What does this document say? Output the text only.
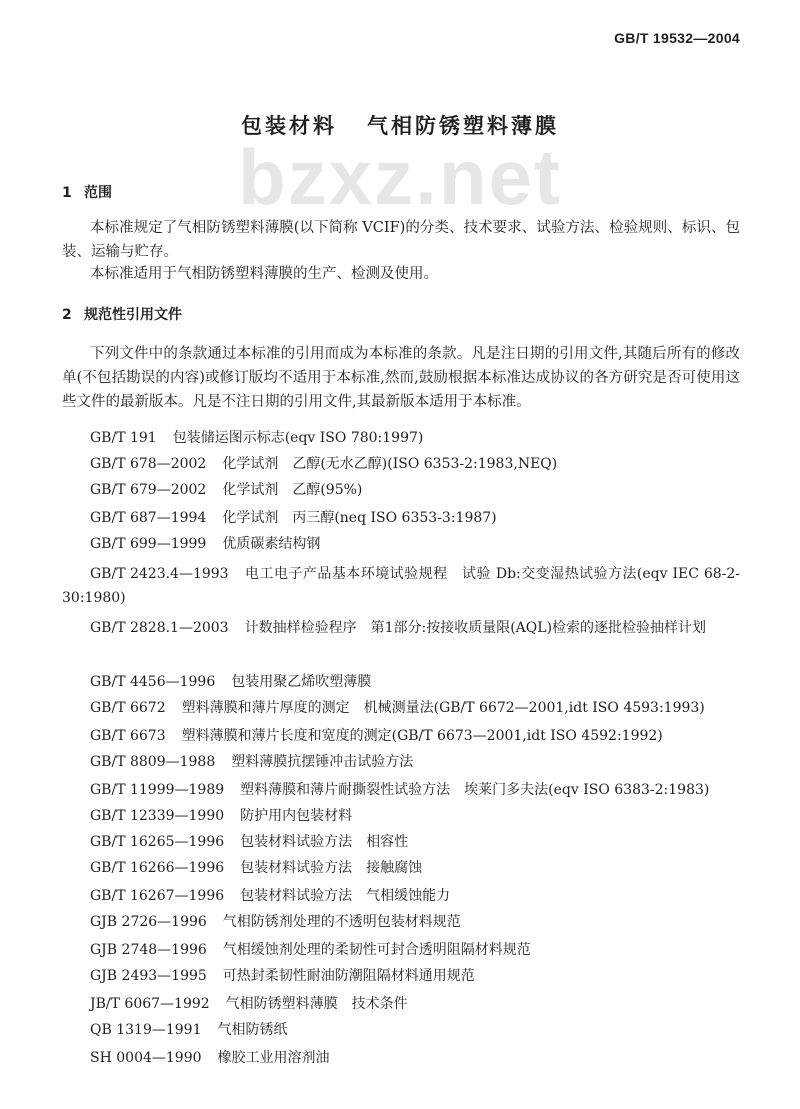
GB/T 19532—2004
bzxz.net
包装材料 气相防锈塑料薄膜
1 范围
本标准规定了气相防锈塑料薄膜(以下简称 VCIF)的分类、技术要求、试验方法、检验规则、标识、包装、运输与贮存。
本标准适用于气相防锈塑料薄膜的生产、检测及使用。
2 规范性引用文件
下列文件中的条款通过本标准的引用而成为本标准的条款。凡是注日期的引用文件,其随后所有的修改单(不包括勘误的内容)或修订版均不适用于本标准,然而,鼓励根据本标准达成协议的各方研究是否可使用这些文件的最新版本。凡是不注日期的引用文件,其最新版本适用于本标准。
GB/T 191 包装储运图示标志(eqv ISO 780:1997)
GB/T 678—2002 化学试剂　乙醇(无水乙醇)(ISO 6353-2:1983,NEQ)
GB/T 679—2002 化学试剂　乙醇(95%)
GB/T 687—1994 化学试剂　丙三醇(neq ISO 6353-3:1987)
GB/T 699—1999 优质碳素结构钢
GB/T 2423.4—1993 电工电子产品基本环境试验规程　试验 Db:交变湿热试验方法(eqv IEC 68-2-30:1980)
GB/T 2828.1—2003 计数抽样检验程序　第1部分:按接收质量限(AQL)检索的逐批检验抽样计划
GB/T 4456—1996 包装用聚乙烯吹塑薄膜
GB/T 6672 塑料薄膜和薄片厚度的测定　机械测量法(GB/T 6672—2001,idt ISO 4593:1993)
GB/T 6673 塑料薄膜和薄片长度和宽度的测定(GB/T 6673—2001,idt ISO 4592:1992)
GB/T 8809—1988 塑料薄膜抗摆锤冲击试验方法
GB/T 11999—1989 塑料薄膜和薄片耐撕裂性试验方法　埃莱门多夫法(eqv ISO 6383-2:1983)
GB/T 12339—1990 防护用内包装材料
GB/T 16265—1996 包装材料试验方法　相容性
GB/T 16266—1996 包装材料试验方法　接触腐蚀
GB/T 16267—1996 包装材料试验方法　气相缓蚀能力
GJB 2726—1996 气相防锈剂处理的不透明包装材料规范
GJB 2748—1996 气相缓蚀剂处理的柔韧性可封合透明阻隔材料规范
GJB 2493—1995 可热封柔韧性耐油防潮阻隔材料通用规范
JB/T 6067—1992 气相防锈塑料薄膜　技术条件
QB 1319—1991 气相防锈纸
SH 0004—1990 橡胶工业用溶剂油
